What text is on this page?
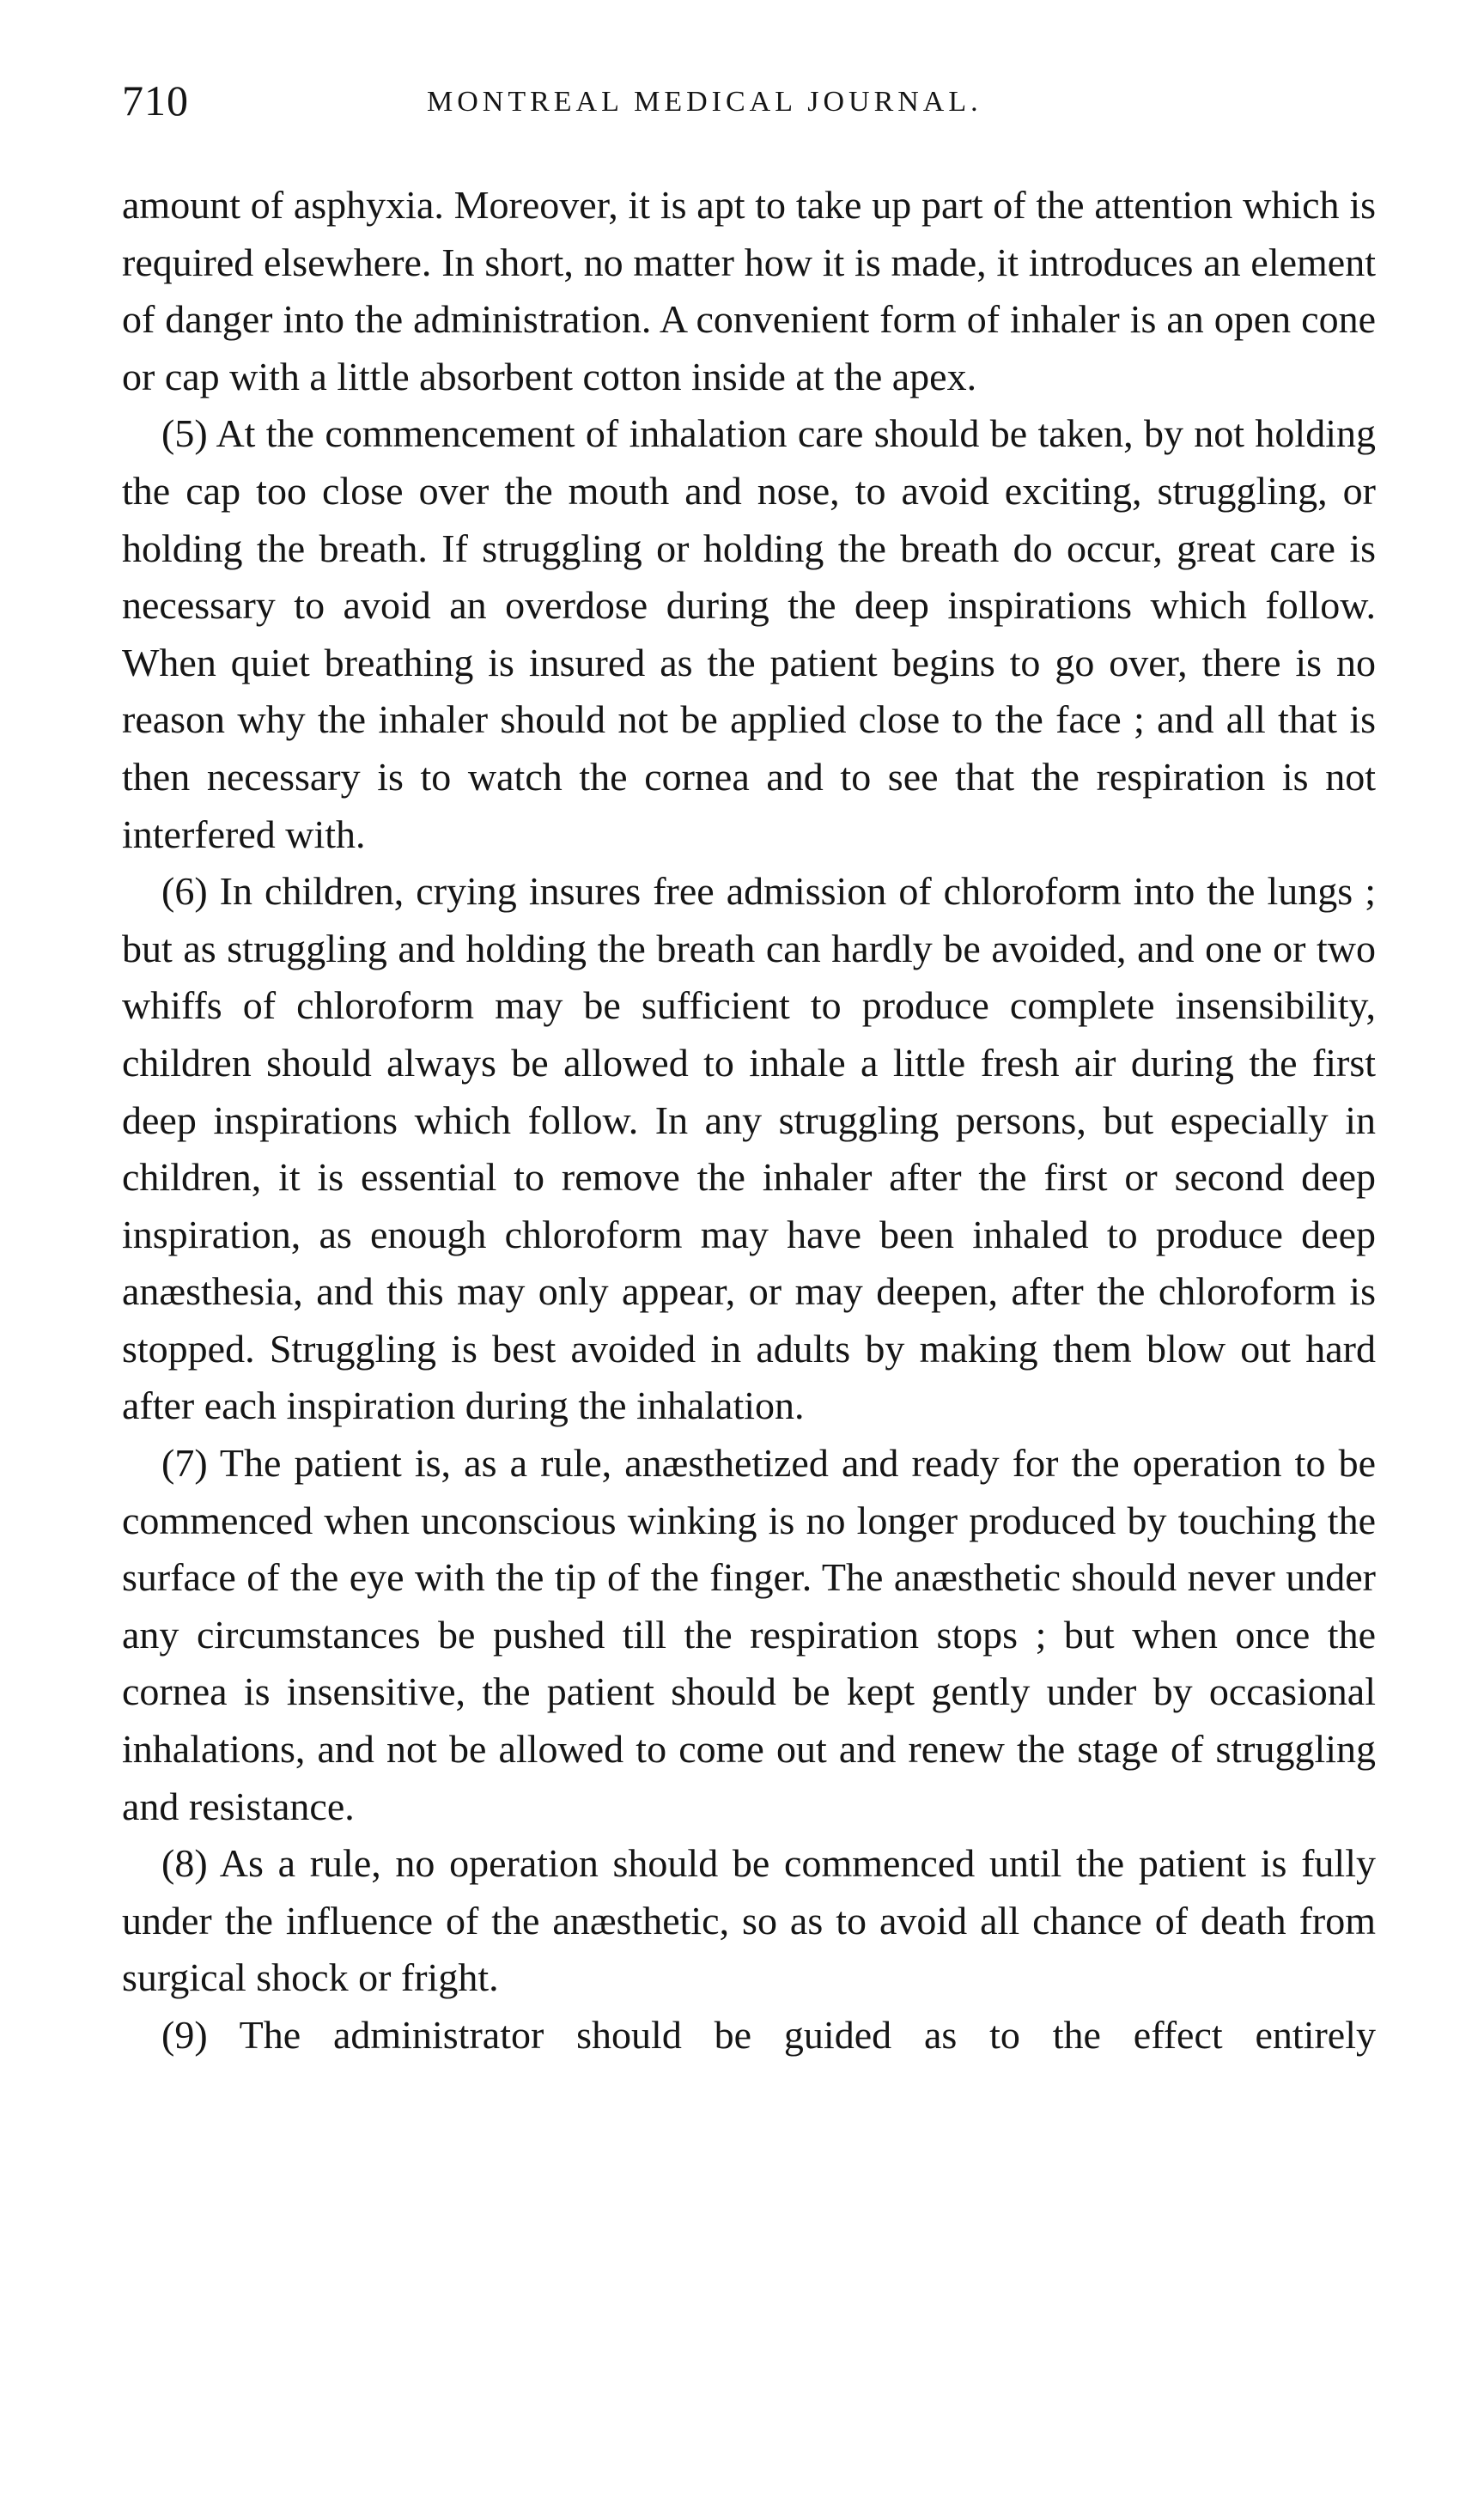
710	MONTREAL MEDICAL JOURNAL.

amount of asphyxia. Moreover, it is apt to take up part of the attention which is required elsewhere. In short, no matter how it is made, it introduces an element of danger into the administration. A convenient form of inhaler is an open cone or cap with a little absorbent cotton inside at the apex.

(5) At the commencement of inhalation care should be taken, by not holding the cap too close over the mouth and nose, to avoid exciting, struggling, or holding the breath. If struggling or holding the breath do occur, great care is necessary to avoid an overdose during the deep inspirations which follow. When quiet breathing is insured as the patient begins to go over, there is no reason why the inhaler should not be applied close to the face ; and all that is then necessary is to watch the cornea and to see that the respiration is not interfered with.

(6) In children, crying insures free admission of chloroform into the lungs ; but as struggling and holding the breath can hardly be avoided, and one or two whiffs of chloroform may be sufficient to produce complete insensibility, children should always be allowed to inhale a little fresh air during the first deep inspirations which follow. In any struggling persons, but especially in children, it is essential to remove the inhaler after the first or second deep inspiration, as enough chloroform may have been inhaled to produce deep anæsthesia, and this may only appear, or may deepen, after the chloroform is stopped. Struggling is best avoided in adults by making them blow out hard after each inspiration during the inhalation.

(7) The patient is, as a rule, anæsthetized and ready for the operation to be commenced when unconscious winking is no longer produced by touching the surface of the eye with the tip of the finger. The anæsthetic should never under any circumstances be pushed till the respiration stops ; but when once the cornea is insensitive, the patient should be kept gently under by occasional inhalations, and not be allowed to come out and renew the stage of struggling and resistance.

(8) As a rule, no operation should be commenced until the patient is fully under the influence of the anæsthetic, so as to avoid all chance of death from surgical shock or fright.

(9) The administrator should be guided as to the effect entirely
